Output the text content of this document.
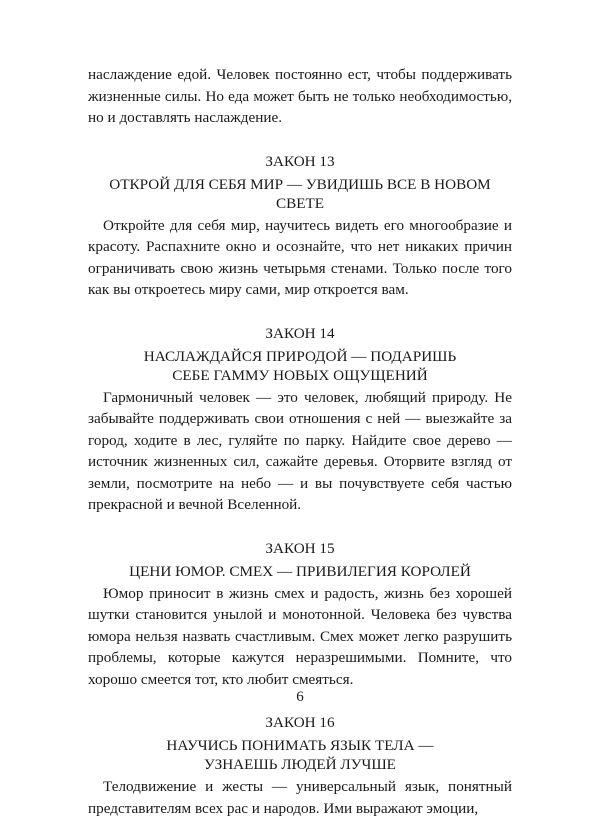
наслаждение едой. Человек постоянно ест, чтобы поддерживать жизненные силы. Но еда может быть не только необходимостью, но и доставлять наслаждение.

ЗАКОН 13

ОТКРОЙ ДЛЯ СЕБЯ МИР — УВИДИШЬ ВСЕ В НОВОМ СВЕТЕ

Откройте для себя мир, научитесь видеть его многообразие и красоту. Распахните окно и осознайте, что нет никаких причин ограничивать свою жизнь четырьмя стенами. Только после того как вы откроетесь миру сами, мир откроется вам.

ЗАКОН 14

НАСЛАЖДАЙСЯ ПРИРОДОЙ — ПОДАРИШЬ СЕБЕ ГАММУ НОВЫХ ОЩУЩЕНИЙ

Гармоничный человек — это человек, любящий природу. Не забывайте поддерживать свои отношения с ней — выезжайте за город, ходите в лес, гуляйте по парку. Найдите свое дерево — источник жизненных сил, сажайте деревья. Оторвите взгляд от земли, посмотрите на небо — и вы почувствуете себя частью прекрасной и вечной Вселенной.

ЗАКОН 15

ЦЕНИ ЮМОР. СМЕХ — ПРИВИЛЕГИЯ КОРОЛЕЙ

Юмор приносит в жизнь смех и радость, жизнь без хорошей шутки становится унылой и монотонной. Человека без чувства юмора нельзя назвать счастливым. Смех может легко разрушить проблемы, которые кажутся неразрешимыми. Помните, что хорошо смеется тот, кто любит смеяться.

ЗАКОН 16

НАУЧИСЬ ПОНИМАТЬ ЯЗЫК ТЕЛА — УЗНАЕШЬ ЛЮДЕЙ ЛУЧШЕ

Телодвижение и жесты — универсальный язык, понятный представителям всех рас и народов. Ими выражают эмоции,

6
